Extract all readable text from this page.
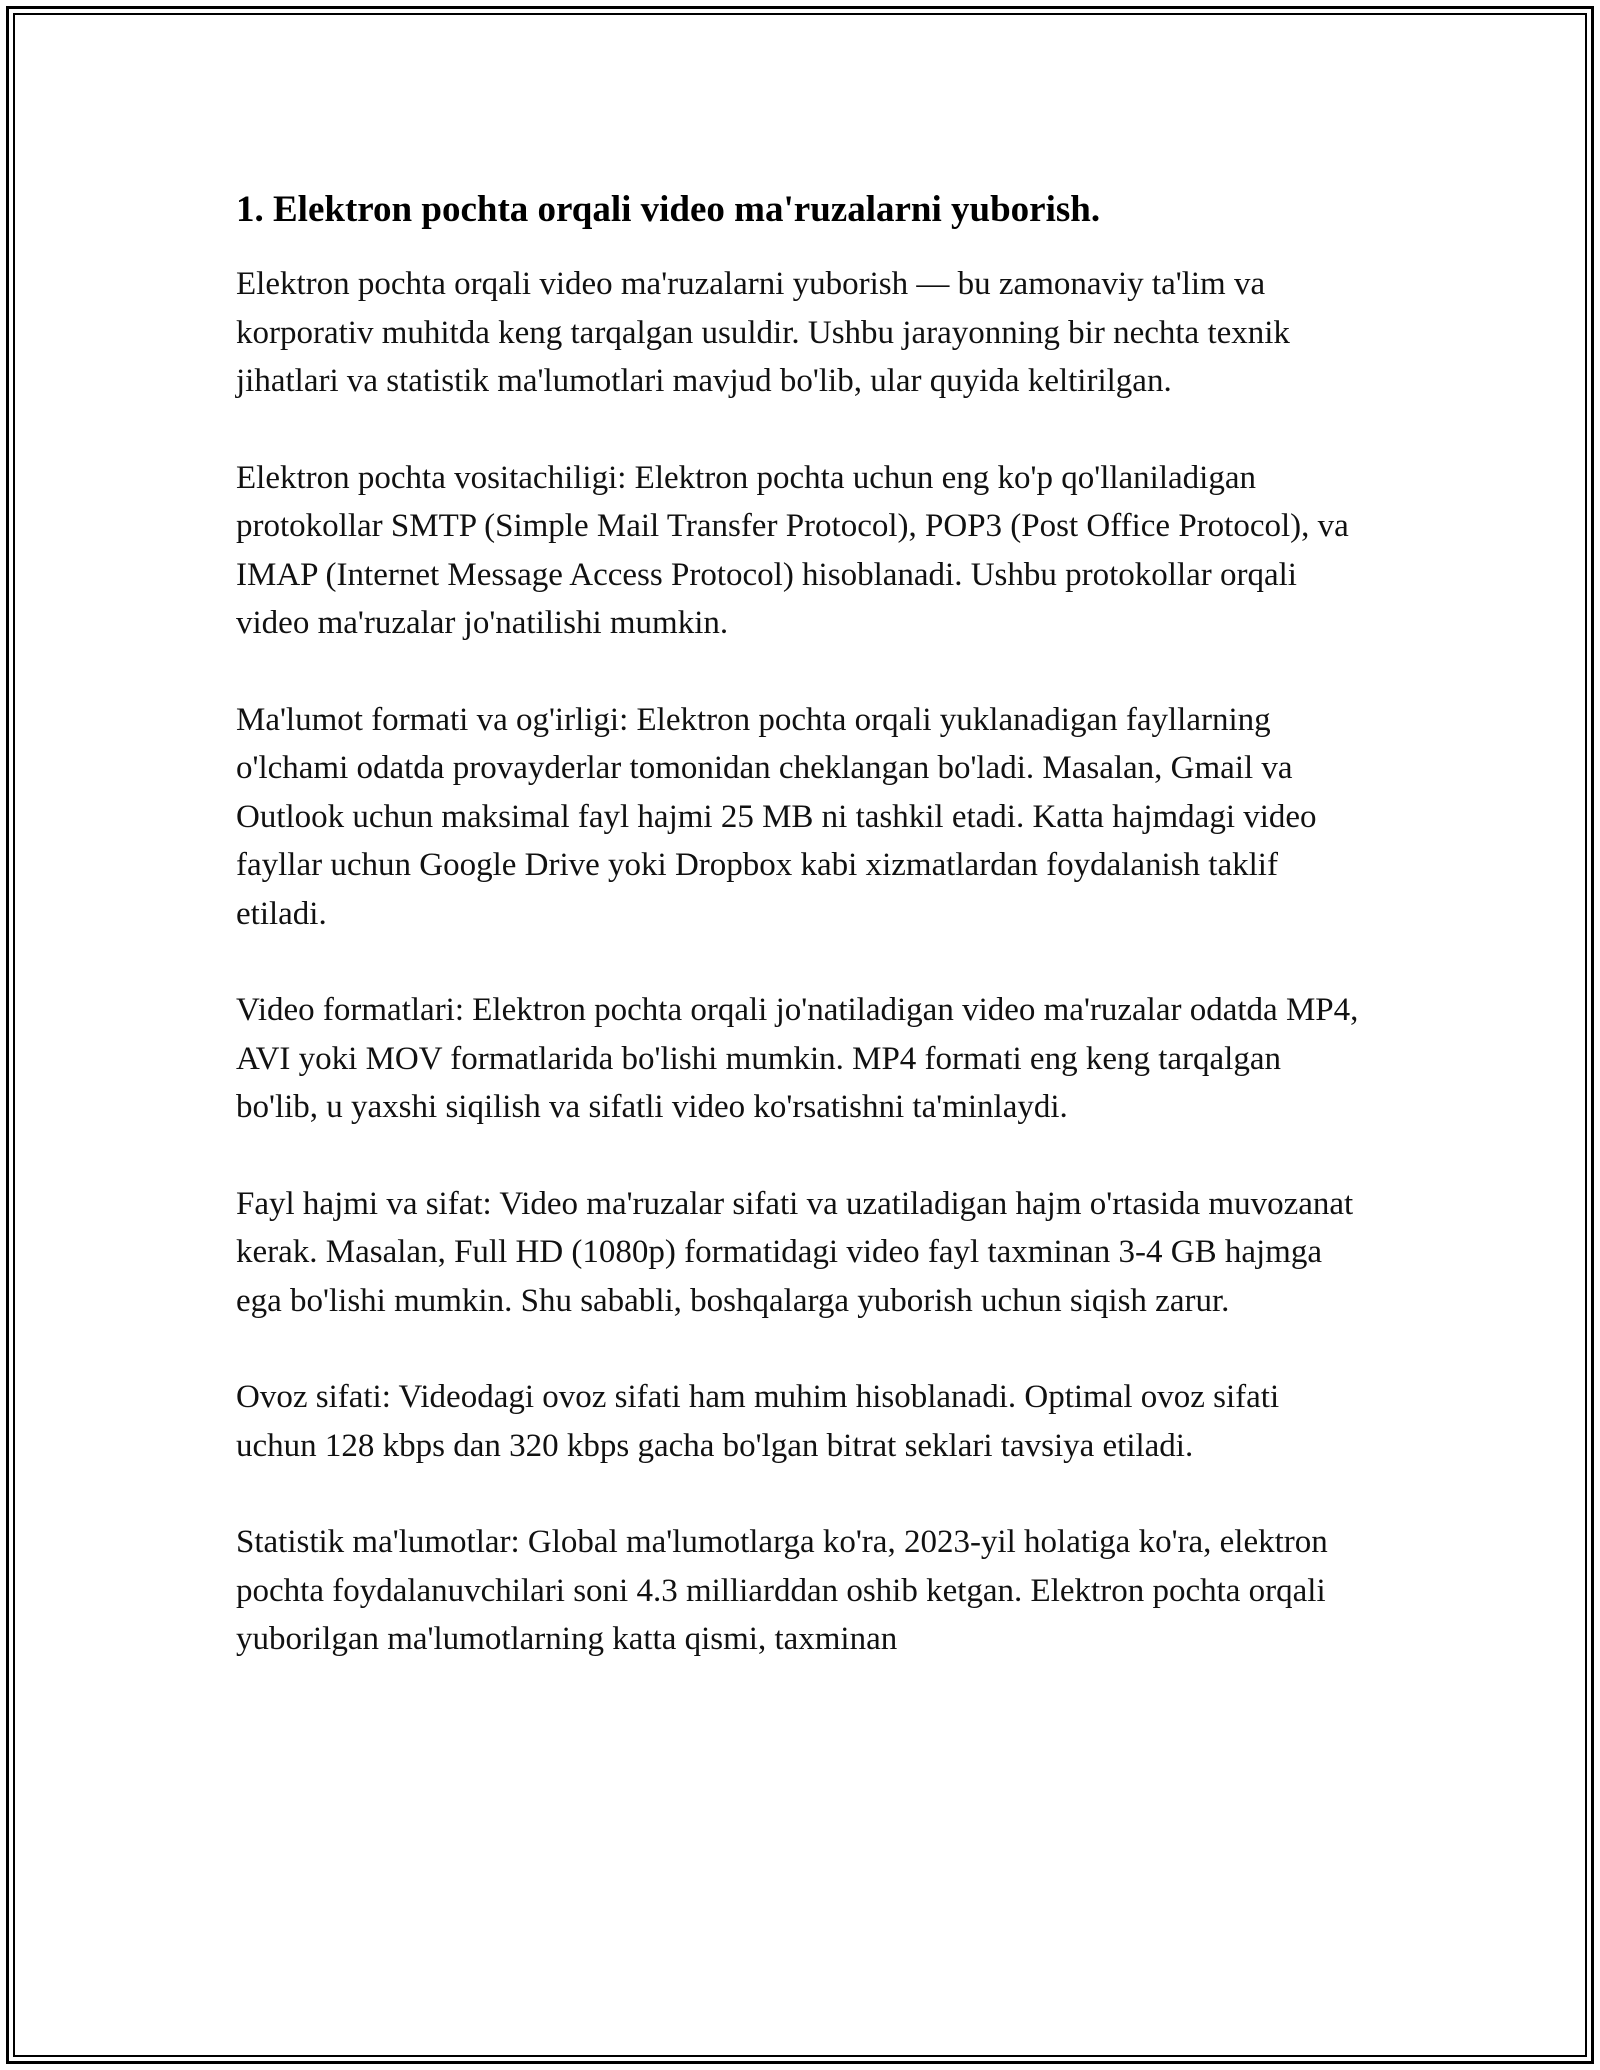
1. Elektron pochta orqali video ma'ruzalarni yuborish.

Elektron pochta orqali video ma'ruzalarni yuborish — bu zamonaviy ta'lim va korporativ muhitda keng tarqalgan usuldir. Ushbu jarayonning bir nechta texnik jihatlari va statistik ma'lumotlari mavjud bo'lib, ular quyida keltirilgan.

Elektron pochta vositachiligi: Elektron pochta uchun eng ko'p qo'llaniladigan protokollar SMTP (Simple Mail Transfer Protocol), POP3 (Post Office Protocol), va IMAP (Internet Message Access Protocol) hisoblanadi. Ushbu protokollar orqali video ma'ruzalar jo'natilishi mumkin.

Ma'lumot formati va og'irligi: Elektron pochta orqali yuklanadigan fayllarning o'lchami odatda provayderlar tomonidan cheklangan bo'ladi. Masalan, Gmail va Outlook uchun maksimal fayl hajmi 25 MB ni tashkil etadi. Katta hajmdagi video fayllar uchun Google Drive yoki Dropbox kabi xizmatlardan foydalanish taklif etiladi.

Video formatlari: Elektron pochta orqali jo'natiladigan video ma'ruzalar odatda MP4, AVI yoki MOV formatlarida bo'lishi mumkin. MP4 formati eng keng tarqalgan bo'lib, u yaxshi siqilish va sifatli video ko'rsatishni ta'minlaydi.

Fayl hajmi va sifat: Video ma'ruzalar sifati va uzatiladigan hajm o'rtasida muvozanat kerak. Masalan, Full HD (1080p) formatidagi video fayl taxminan 3-4 GB hajmga ega bo'lishi mumkin. Shu sababli, boshqalarga yuborish uchun siqish zarur.

Ovoz sifati: Videodagi ovoz sifati ham muhim hisoblanadi. Optimal ovoz sifati uchun 128 kbps dan 320 kbps gacha bo'lgan bitrat seklari tavsiya etiladi.

Statistik ma'lumotlar: Global ma'lumotlarga ko'ra, 2023-yil holatiga ko'ra, elektron pochta foydalanuvchilari soni 4.3 milliarddan oshib ketgan. Elektron pochta orqali yuborilgan ma'lumotlarning katta qismi, taxminan
